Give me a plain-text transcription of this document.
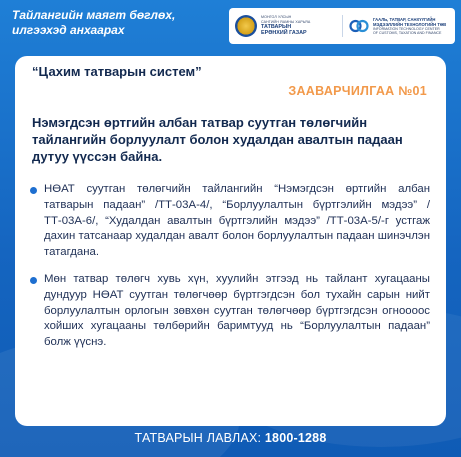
Тайлангийн маягт бөглөх, илгээхэд анхаарах
МОНГОЛ УЛСЫН
САНГИЙН ЯАМНЫ ХАРЬЯА
ТАТВАРЫН
ЕРӨНХИЙ ГАЗАР
ГААЛЬ, ТАТВАР, САНХҮҮГИЙН
МЭДЭЭЛЛИЙН ТЕХНОЛОГИЙН ТӨВ
INFORMATION TECHNOLOGY CENTER
OF CUSTOMS, TAXATION AND FINANCE
“Цахим татварын систем”
ЗААВАРЧИЛГАА №01
Нэмэгдсэн өртгийн албан татвар суутган төлөгчийн тайлангийн борлуулалт болон худалдан авалтын падаан дутуу үүссэн байна.
НӨАТ суутган төлөгчийн тайлангийн “Нэмэгдсэн өртгийн албан татварын падаан” /ТТ-03А-4/, “Борлуулалтын бүртгэлийн мэдээ” /ТТ-03А-6/, “Худалдан авалтын бүртгэлийн мэдээ” /ТТ-03А-5/-г устгаж дахин татсанаар худалдан авалт болон борлуулалтын падаан шинэчлэн татагдана.
Мөн татвар төлөгч хувь хүн, хуулийн этгээд нь тайлант хугацааны дундуур НӨАТ суутган төлөгчөөр бүртгэгдсэн бол тухайн сарын нийт борлуулалтын орлогын зөвхөн суутган төлөгчөөр бүртгэгдсэн огноооос хойших хугацааны төлбөрийн баримтууд нь “Борлуулалтын падаан” болж үүснэ.
ТАТВАРЫН ЛАВЛАХ: 1800-1288
